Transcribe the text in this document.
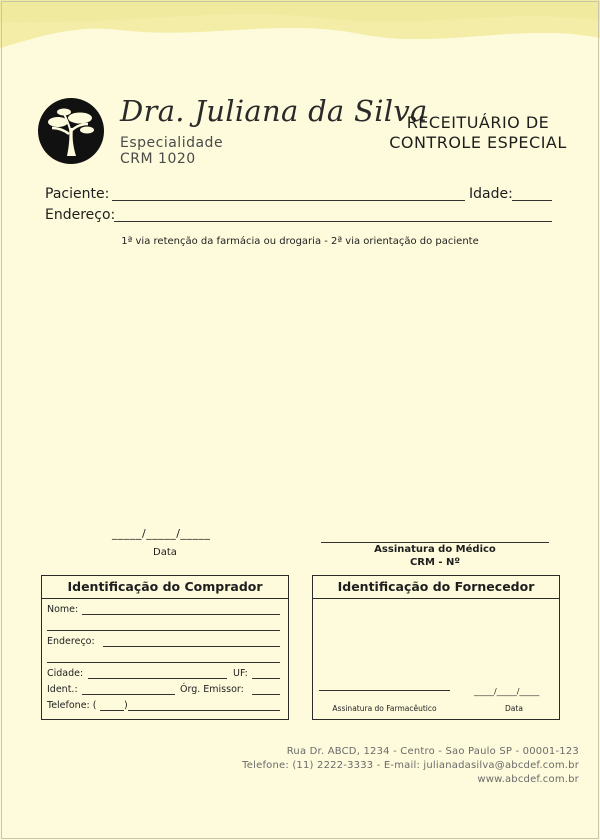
Dra. Juliana da Silva
Especialidade
CRM 1020
RECEITUÁRIO DE
CONTROLE ESPECIAL
Paciente:	Idade:
Endereço:
1ª via retenção da farmácia ou drogaria - 2ª via orientação do paciente
_____/_____/_____
Data	Assinatura do Médico
CRM - Nº
Identificação do Comprador
Nome:
Endereço:
Cidade:	UF:
Ident.:	Órg. Emissor:
Telefone: (	)
Identificação do Fornecedor
Assinatura do Farmacêutico
_____/_____/_____
Data
Rua Dr. ABCD, 1234 - Centro - Sao Paulo SP - 00001-123
Telefone: (11) 2222-3333 - E-mail: julianadasilva@abcdef.com.br
www.abcdef.com.br
